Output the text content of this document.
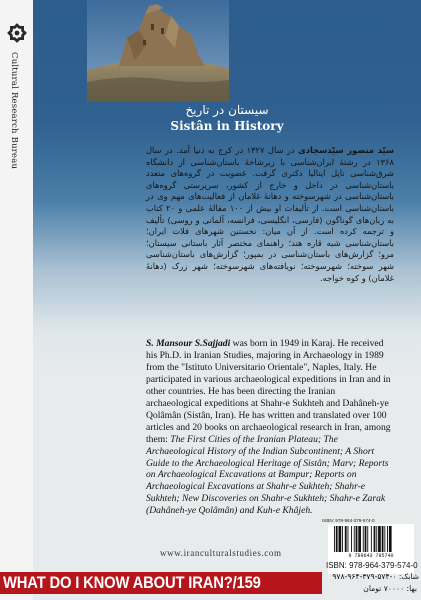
Cultural Research Bureau	سیستان در تاریخ
Sistân in History

سیّد منصور سیّدسجادی در سال ۱۳۲۷ در کرج به دنیا آمد. در سال ۱۳۶۸ در رشتهٔ ایران‌شناسی با زیرشاخهٔ باستان‌شناسی از دانشگاه شرق‌شناسی ناپل ایتالیا دکتری گرفت. عضویت در گروه‌های متعدد باستان‌شناسی در داخل و خارج از کشور، سرپرستی گروه‌های باستان‌شناسی در شهرسوخته و دهانهٔ غلامان از فعالیت‌های مهم وی در باستان‌شناسی است. از تألیفات او بیش از ۱۰۰ مقالهٔ علمی و ۲۰ کتاب به زبان‌های گوناگون (فارسی، انگلیسی، فرانسه، آلمانی و روسی) تألیف و ترجمه کرده است. از آن میان: نخستین شهرهای فلات ایران؛ باستان‌شناسی شبه قاره هند؛ راهنمای مختصر آثار باستانی سیستان؛ مرو؛ گزارش‌های باستان‌شناسی در بمپور؛ گزارش‌های باستان‌شناسی شهر سوخته؛ شهرسوخته؛ نویافته‌های شهرسوخته؛ شهر زرک (دهانهٔ غلامان) و کوه خواجه.

S. Mansour S.Sajjadi was born in 1949 in Karaj. He received his Ph.D. in Iranian Studies, majoring in Archaeology in 1989 from the "Istituto Universitario Orientale", Naples, Italy. He participated in various archaeological expeditions in Iran and in other countries. He has been directing the Iranian archaeological expeditions at Shahr-e Sukhteh and Dahâneh-ye Qolâmân (Sistân, Iran). He has written and translated over 100 articles and 20 books on archaeological research in Iran, among them: The First Cities of the Iranian Plateau; The Archaeological History of the Indian Subcontinent; A Short Guide to the Archaeological Heritage of Sistân; Marv; Reports on Archaeological Excavations at Bampur; Reports on Archaeological Excavations at Shahr-e Sukhteh; Shahr-e Sukhteh; New Discoveries on Shahr-e Sukhteh; Shahr-e Zarak (Dahâneh-ye Qolâmân) and Kuh-e Khâjeh.

ISBN: 978-964-379-574-0
9 789643 795740
ISBN: 978-964-379-574-0
شابک: ۰-۵۷۴-۳۷۹-۹۶۴-۹۷۸
بها: ۷۰۰۰۰ تومان
www.iranculturalstudies.com
WHAT DO I KNOW ABOUT IRAN?/159
